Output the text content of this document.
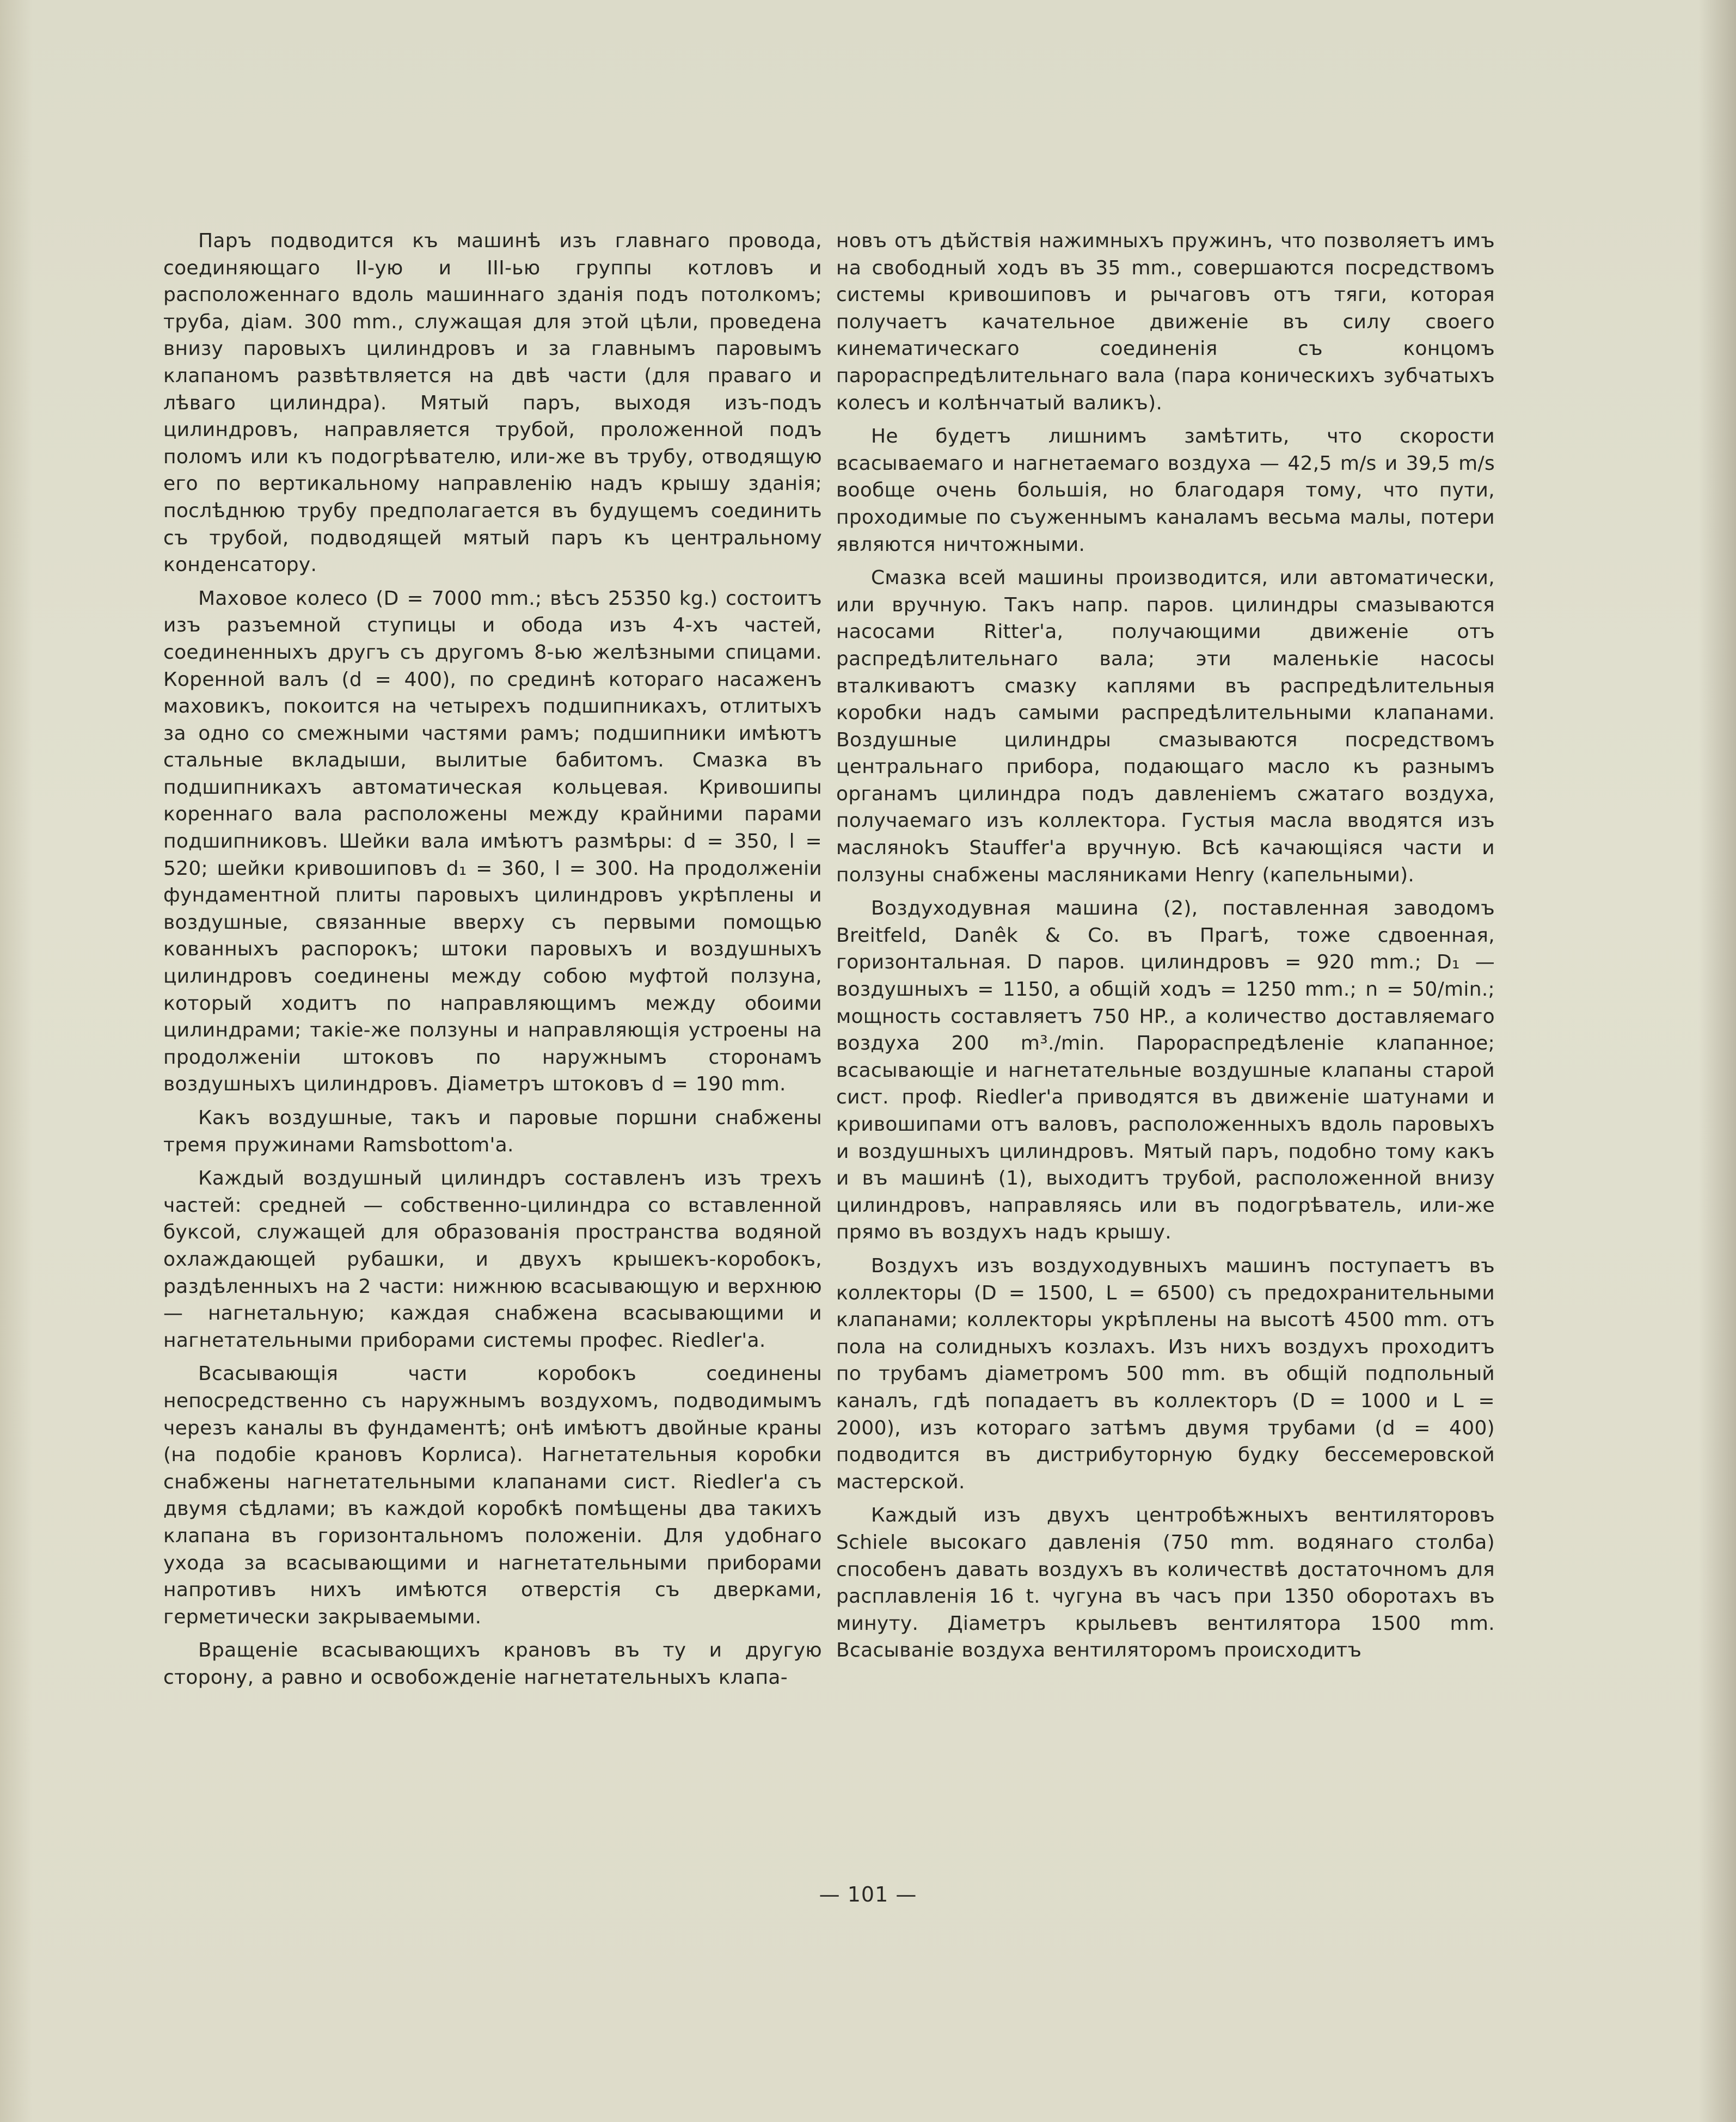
Паръ подводится къ машинѣ изъ главнаго провода, соединяющаго II-ую и III-ью группы котловъ и расположеннаго вдоль машиннаго зданія подъ потолкомъ; труба, діам. 300 mm., служащая для этой цѣли, проведена внизу паровыхъ цилиндровъ и за главнымъ паровымъ клапаномъ развѣтвляется на двѣ части (для праваго и лѣваго цилиндра). Мятый паръ, выходя изъ-подъ цилиндровъ, направляется трубой, проложенной подъ поломъ или къ подогрѣвателю, или-же въ трубу, отводящую его по вертикальному направленію надъ крышу зданія; послѣднюю трубу предполагается въ будущемъ соединить съ трубой, подводящей мятый паръ къ центральному конденсатору.

Маховое колесо (D = 7000 mm.; вѣсъ 25350 kg.) состоитъ изъ разъемной ступицы и обода изъ 4-хъ частей, соединенныхъ другъ съ другомъ 8-ью желѣзными спицами. Коренной валъ (d = 400), по срединѣ котораго насаженъ маховикъ, покоится на четырехъ подшипникахъ, отлитыхъ за одно со смежными частями рамъ; подшипники имѣютъ стальные вкладыши, вылитые бабитомъ. Смазка въ подшипникахъ автоматическая кольцевая. Кривошипы кореннаго вала расположены между крайними парами подшипниковъ. Шейки вала имѣютъ размѣры: d = 350, l = 520; шейки кривошиповъ d₁ = 360, l = 300. На продолженіи фундаментной плиты паровыхъ цилиндровъ укрѣплены и воздушные, связанные вверху съ первыми помощью кованныхъ распорокъ; штоки паровыхъ и воздушныхъ цилиндровъ соединены между собою муфтой ползуна, который ходитъ по направляющимъ между обоими цилиндрами; такіе-же ползуны и направляющія устроены на продолженіи штоковъ по наружнымъ сторонамъ воздушныхъ цилиндровъ. Діаметръ штоковъ d = 190 mm.

Какъ воздушные, такъ и паровые поршни снабжены тремя пружинами Ramsbottom'a.

Каждый воздушный цилиндръ составленъ изъ трехъ частей: средней — собственно-цилиндра со вставленной буксой, служащей для образованія пространства водяной охлаждающей рубашки, и двухъ крышекъ-коробокъ, раздѣленныхъ на 2 части: нижнюю всасывающую и верхнюю — нагнетальную; каждая снабжена всасывающими и нагнетательными приборами системы профес. Riedler'a.

Всасывающія части коробокъ соединены непосредственно съ наружнымъ воздухомъ, подводимымъ черезъ каналы въ фундаментѣ; онѣ имѣютъ двойные краны (на подобіе крановъ Корлиса). Нагнетательныя коробки снабжены нагнетательными клапанами сист. Riedler'a съ двумя сѣдлами; въ каждой коробкѣ помѣщены два такихъ клапана въ горизонтальномъ положеніи. Для удобнаго ухода за всасывающими и нагнетательными приборами напротивъ нихъ имѣются отверстія съ дверками, герметически закрываемыми.

Вращеніе всасывающихъ крановъ въ ту и другую сторону, а равно и освобожденіе нагнетательныхъ клапа-

новъ отъ дѣйствія нажимныхъ пружинъ, что позволяетъ имъ на свободный ходъ въ 35 mm., совершаются посредствомъ системы кривошиповъ и рычаговъ отъ тяги, которая получаетъ качательное движеніе въ силу своего кинематическаго соединенія съ концомъ парораспредѣлительнаго вала (пара коническихъ зубчатыхъ колесъ и колѣнчатый валикъ).

Не будетъ лишнимъ замѣтить, что скорости всасываемаго и нагнетаемаго воздуха — 42,5 m/s и 39,5 m/s вообще очень большія, но благодаря тому, что пути, проходимые по съуженнымъ каналамъ весьма малы, потери являются ничтожными.

Смазка всей машины производится, или автоматически, или вручную. Такъ напр. паров. цилиндры смазываются насосами Ritter'a, получающими движеніе отъ распредѣлительнаго вала; эти маленькіе насосы вталкиваютъ смазку каплями въ распредѣлительныя коробки надъ самыми распредѣлительными клапанами. Воздушные цилиндры смазываются посредствомъ центральнаго прибора, подающаго масло къ разнымъ органамъ цилиндра подъ давленіемъ сжатаго воздуха, получаемаго изъ коллектора. Густыя масла вводятся изъ масляноkъ Stauffer'a вручную. Всѣ качающіяся части и ползуны снабжены масляниками Henry (капельными).

Воздуходувная машина (2), поставленная заводомъ Breitfeld, Danêk & Co. въ Прагѣ, тоже сдвоенная, горизонтальная. D паров. цилиндровъ = 920 mm.; D₁ — воздушныхъ = 1150, а общій ходъ = 1250 mm.; n = 50/min.; мощность составляетъ 750 HP., а количество доставляемаго воздуха 200 m³./min. Парораспредѣленіе клапанное; всасывающіе и нагнетательные воздушные клапаны старой сист. проф. Riedler'a приводятся въ движеніе шатунами и кривошипами отъ валовъ, расположенныхъ вдоль паровыхъ и воздушныхъ цилиндровъ. Мятый паръ, подобно тому какъ и въ машинѣ (1), выходитъ трубой, расположенной внизу цилиндровъ, направляясь или въ подогрѣватель, или-же прямо въ воздухъ надъ крышу.

Воздухъ изъ воздуходувныхъ машинъ поступаетъ въ коллекторы (D = 1500, L = 6500) съ предохранительными клапанами; коллекторы укрѣплены на высотѣ 4500 mm. отъ пола на солидныхъ козлахъ. Изъ нихъ воздухъ проходитъ по трубамъ діаметромъ 500 mm. въ общій подпольный каналъ, гдѣ попадаетъ въ коллекторъ (D = 1000 и L = 2000), изъ котораго затѣмъ двумя трубами (d = 400) подводится въ дистрибуторную будку бессемеровской мастерской.

Каждый изъ двухъ центробѣжныхъ вентиляторовъ Schiele высокаго давленія (750 mm. водянаго столба) способенъ давать воздухъ въ количествѣ достаточномъ для расплавленія 16 t. чугуна въ часъ при 1350 оборотахъ въ минуту. Діаметръ крыльевъ вентилятора 1500 mm. Всасываніе воздуха вентиляторомъ происходитъ

— 101 —
